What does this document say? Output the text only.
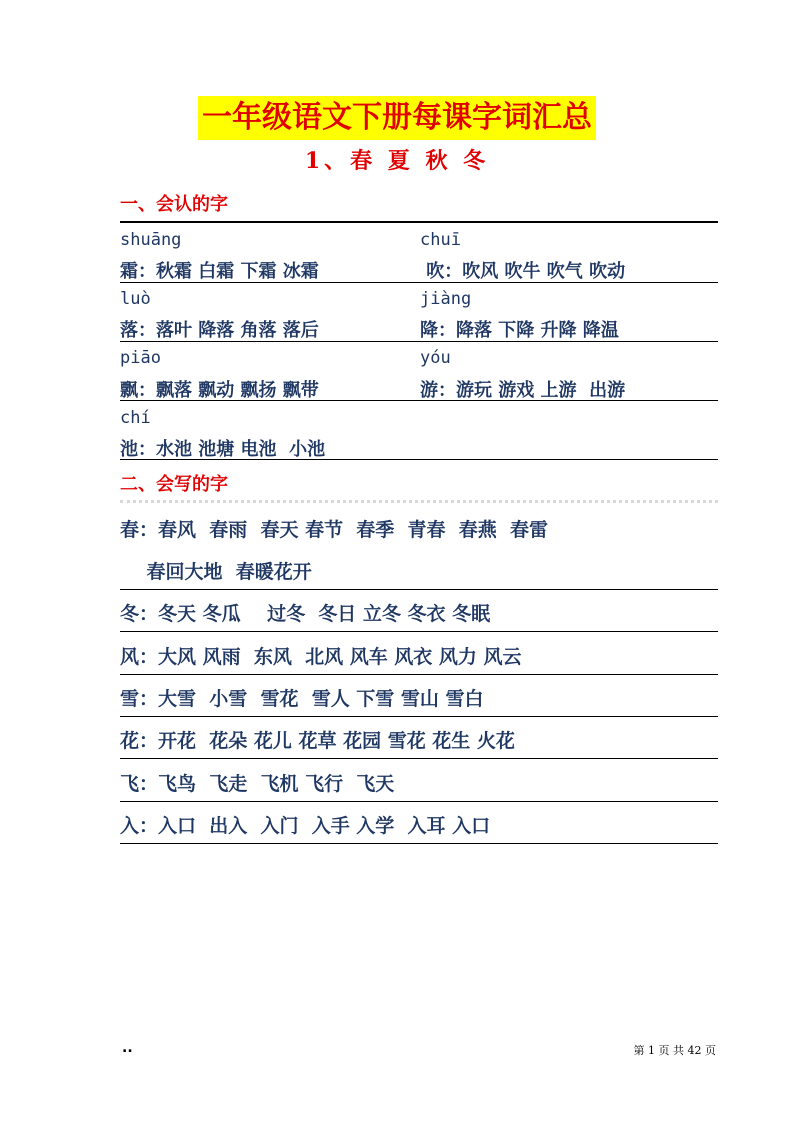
一年级语文下册每课字词汇总
1、春 夏 秋 冬
一、会认的字
shuāng	chuī
霜：秋霜 白霜 下霜 冰霜	吹：吹风 吹牛 吹气 吹动
luò	jiàng
落：落叶 降落 角落 落后	降：降落 下降 升降 降温
piāo	yóu
飘：飘落 飘动 飘扬 飘带	游：游玩 游戏 上游  出游
chí
池：水池 池塘 电池  小池
二、会写的字
春：春风  春雨  春天 春节  春季  青春  春燕  春雷
春回大地  春暖花开
冬：冬天 冬瓜    过冬  冬日 立冬 冬衣 冬眠
风：大风 风雨  东风  北风 风车 风衣 风力 风云
雪：大雪  小雪  雪花  雪人 下雪 雪山 雪白
花：开花  花朵 花儿 花草 花园 雪花 花生 火花
飞：飞鸟  飞走  飞机 飞行  飞天
入：入口  出入  入门  入手 入学  入耳 入口
..	第 1 页 共 42 页
